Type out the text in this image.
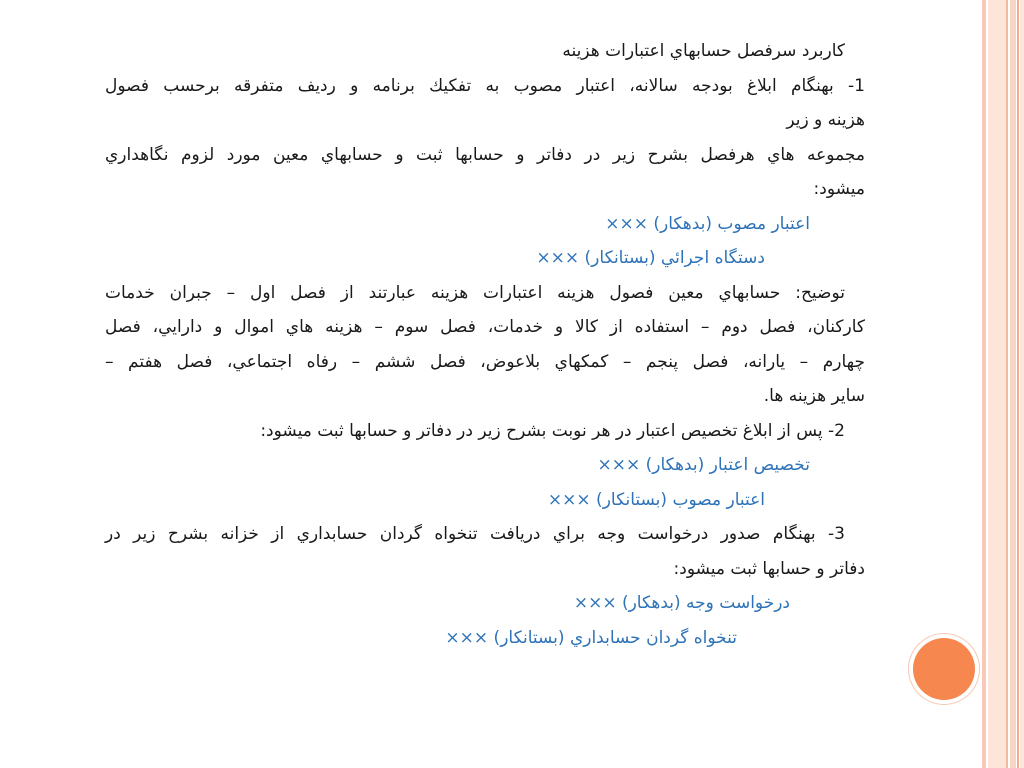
كاربرد سرفصل حسابهاي اعتبارات هزينه
1- بهنگام ابلاغ بودجه سالانه، اعتبار مصوب به تفكيك برنامه و رديف متفرقه برحسب فصول
هزينه و زير
مجموعه هاي هرفصل بشرح زير در دفاتر و حسابها ثبت و حسابهاي معين مورد لزوم نگاهداري
ميشود:
اعتبار مصوب (بدهكار) ×××
دستگاه اجرائي (بستانكار) ×××
توضيح: حسابهاي معين فصول هزينه اعتبارات هزينه عبارتند از فصل اول – جبران خدمات
كاركنان، فصل دوم – استفاده از كالا و خدمات، فصل سوم – هزينه هاي اموال و دارايي، فصل
چهارم – يارانه، فصل پنجم – كمكهاي بلاعوض، فصل ششم – رفاه اجتماعي، فصل هفتم –
ساير هزينه ها.
2- پس از ابلاغ تخصيص اعتبار در هر نوبت بشرح زير در دفاتر و حسابها ثبت ميشود:
تخصيص اعتبار (بدهكار) ×××
اعتبار مصوب (بستانكار) ×××
3- بهنگام صدور درخواست وجه براي دريافت تنخواه گردان حسابداري از خزانه بشرح زير در
دفاتر و حسابها ثبت ميشود:
درخواست وجه (بدهكار) ×××
تنخواه گردان حسابداري (بستانكار) ×××
